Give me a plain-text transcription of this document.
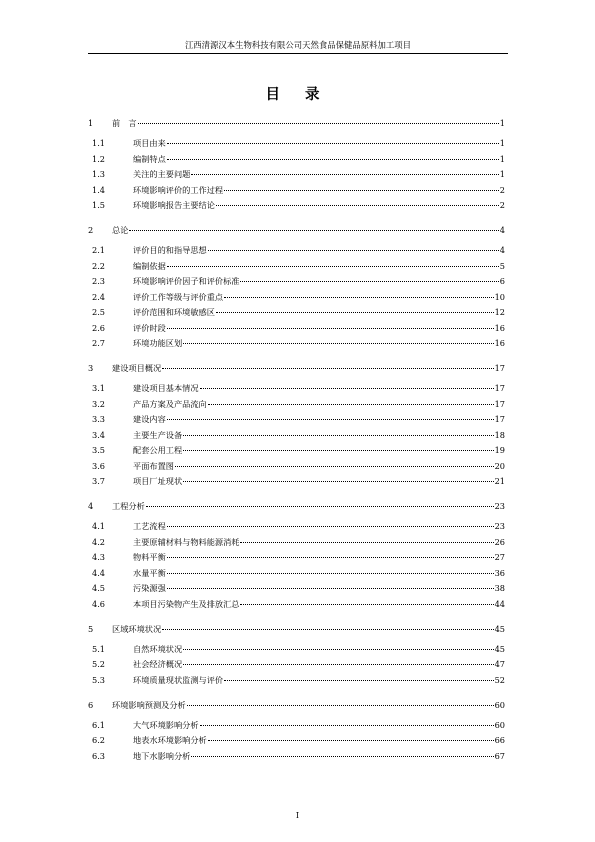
江西清源汉本生物科技有限公司天然食品保健品原料加工项目
目 录
1	前　言	1
1.1	项目由来	1
1.2	编制特点	1
1.3	关注的主要问题	1
1.4	环境影响评价的工作过程	2
1.5	环境影响报告主要结论	2
2	总论	4
2.1	评价目的和指导思想	4
2.2	编制依据	5
2.3	环境影响评价因子和评价标准	6
2.4	评价工作等级与评价重点	10
2.5	评价范围和环境敏感区	12
2.6	评价时段	16
2.7	环境功能区划	16
3	建设项目概况	17
3.1	建设项目基本情况	17
3.2	产品方案及产品流向	17
3.3	建设内容	17
3.4	主要生产设备	18
3.5	配套公用工程	19
3.6	平面布置图	20
3.7	项目厂址现状	21
4	工程分析	23
4.1	工艺流程	23
4.2	主要原辅材料与物料能源消耗	26
4.3	物料平衡	27
4.4	水量平衡	36
4.5	污染源强	38
4.6	本项目污染物产生及排放汇总	44
5	区域环境状况	45
5.1	自然环境状况	45
5.2	社会经济概况	47
5.3	环境质量现状监测与评价	52
6	环境影响预测及分析	60
6.1	大气环境影响分析	60
6.2	地表水环境影响分析	66
6.3	地下水影响分析	67
I
